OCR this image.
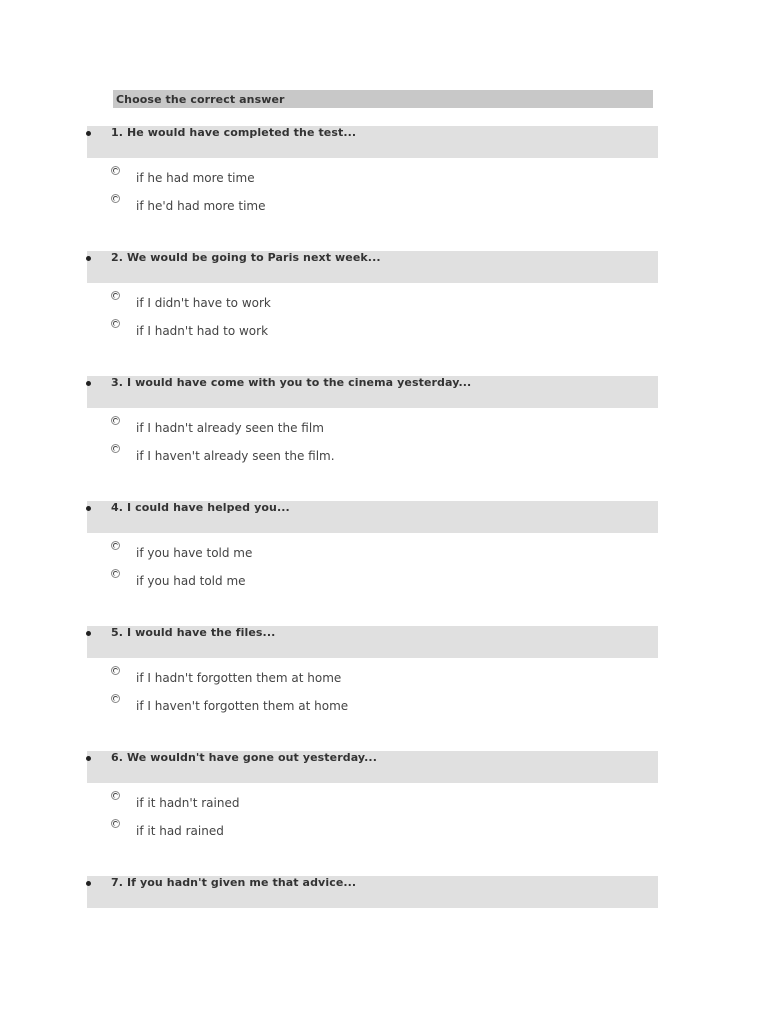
Choose the correct answer
1. He would have completed the test...
if he had more time
if he'd had more time
2. We would be going to Paris next week...
if I didn't have to work
if I hadn't had to work
3. I would have come with you to the cinema yesterday...
if I hadn't already seen the film
if I haven't already seen the film.
4. I could have helped you...
if you have told me
if you had told me
5. I would have the files...
if I hadn't forgotten them at home
if I haven't forgotten them at home
6. We wouldn't have gone out yesterday...
if it hadn't rained
if it had rained
7. If you hadn't given me that advice...
